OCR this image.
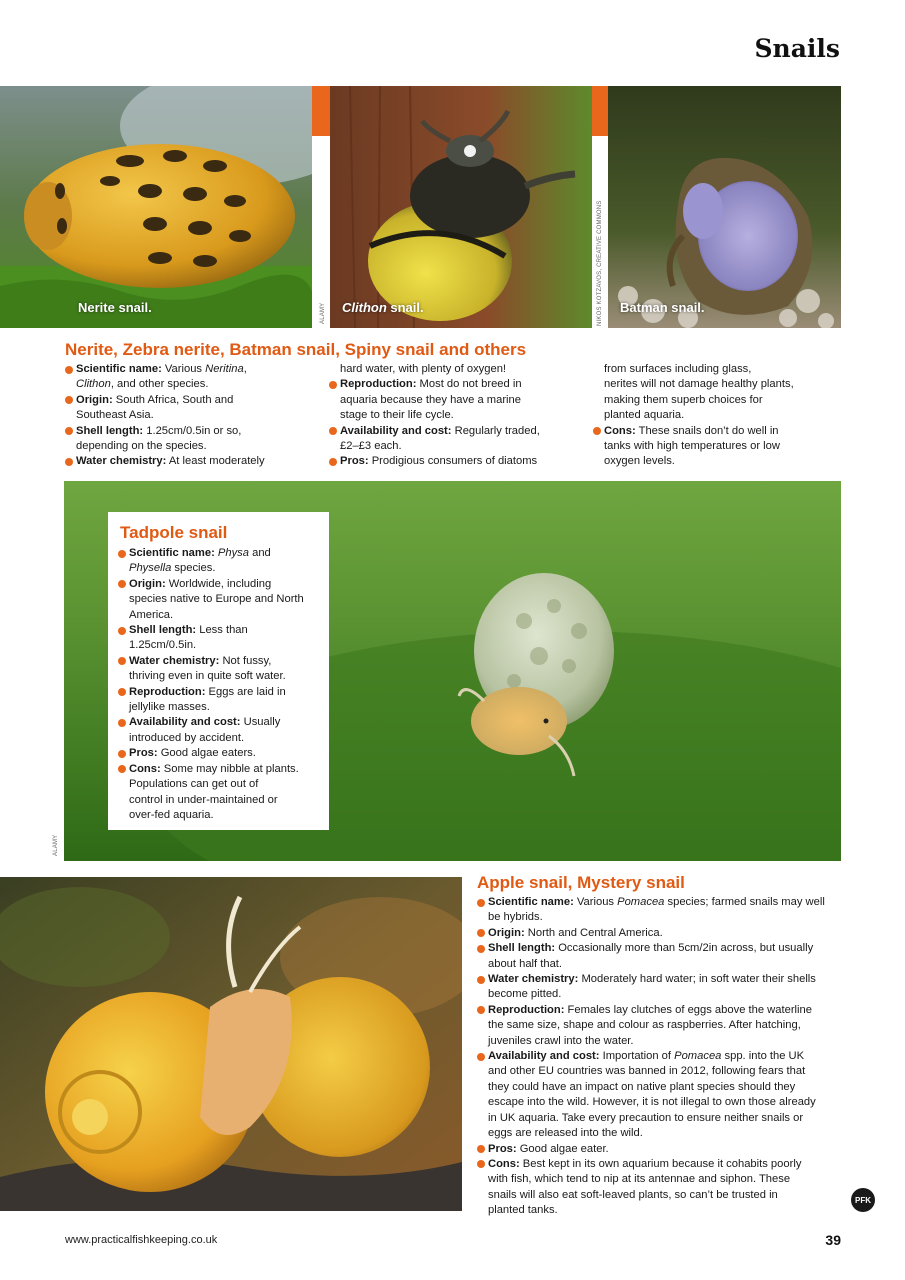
Snails
Nerite snail.	Clithon snail.
ALAMY	Batman snail.
NIKOS KOTZAVOS, CREATIVE COMMONS
Nerite, Zebra nerite, Batman snail, Spiny snail and others
Scientific name: Various Neritina,
Clithon, and other species.
Origin: South Africa, South and
Southeast Asia.
Shell length: 1.25cm/0.5in or so,
depending on the species.
Water chemistry: At least moderately
hard water, with plenty of oxygen!
Reproduction: Most do not breed in
aquaria because they have a marine
stage to their life cycle.
Availability and cost: Regularly traded,
£2–£3 each.
Pros: Prodigious consumers of diatoms
from surfaces including glass,
nerites will not damage healthy plants,
making them superb choices for
planted aquaria.
Cons: These snails don’t do well in
tanks with high temperatures or low
oxygen levels.
ALAMY
Tadpole snail
Scientific name: Physa and
Physella species.
Origin: Worldwide, including
species native to Europe and North
America.
Shell length: Less than
1.25cm/0.5in.
Water chemistry: Not fussy,
thriving even in quite soft water.
Reproduction: Eggs are laid in
jellylike masses.
Availability and cost: Usually
introduced by accident.
Pros: Good algae eaters.
Cons: Some may nibble at plants.
Populations can get out of
control in under-maintained or
over-fed aquaria.
Apple snail, Mystery snail
Scientific name: Various Pomacea species; farmed snails may well
be hybrids.
Origin: North and Central America.
Shell length: Occasionally more than 5cm/2in across, but usually
about half that.
Water chemistry: Moderately hard water; in soft water their shells
become pitted.
Reproduction: Females lay clutches of eggs above the waterline
the same size, shape and colour as raspberries. After hatching,
juveniles crawl into the water.
Availability and cost: Importation of Pomacea spp. into the UK
and other EU countries was banned in 2012, following fears that
they could have an impact on native plant species should they
escape into the wild. However, it is not illegal to own those already
in UK aquaria. Take every precaution to ensure neither snails or
eggs are released into the wild.
Pros: Good algae eater.
Cons: Best kept in its own aquarium because it cohabits poorly
with fish, which tend to nip at its antennae and siphon. These
snails will also eat soft-leaved plants, so can’t be trusted in
planted tanks.
PFK
www.practicalfishkeeping.co.uk	39
